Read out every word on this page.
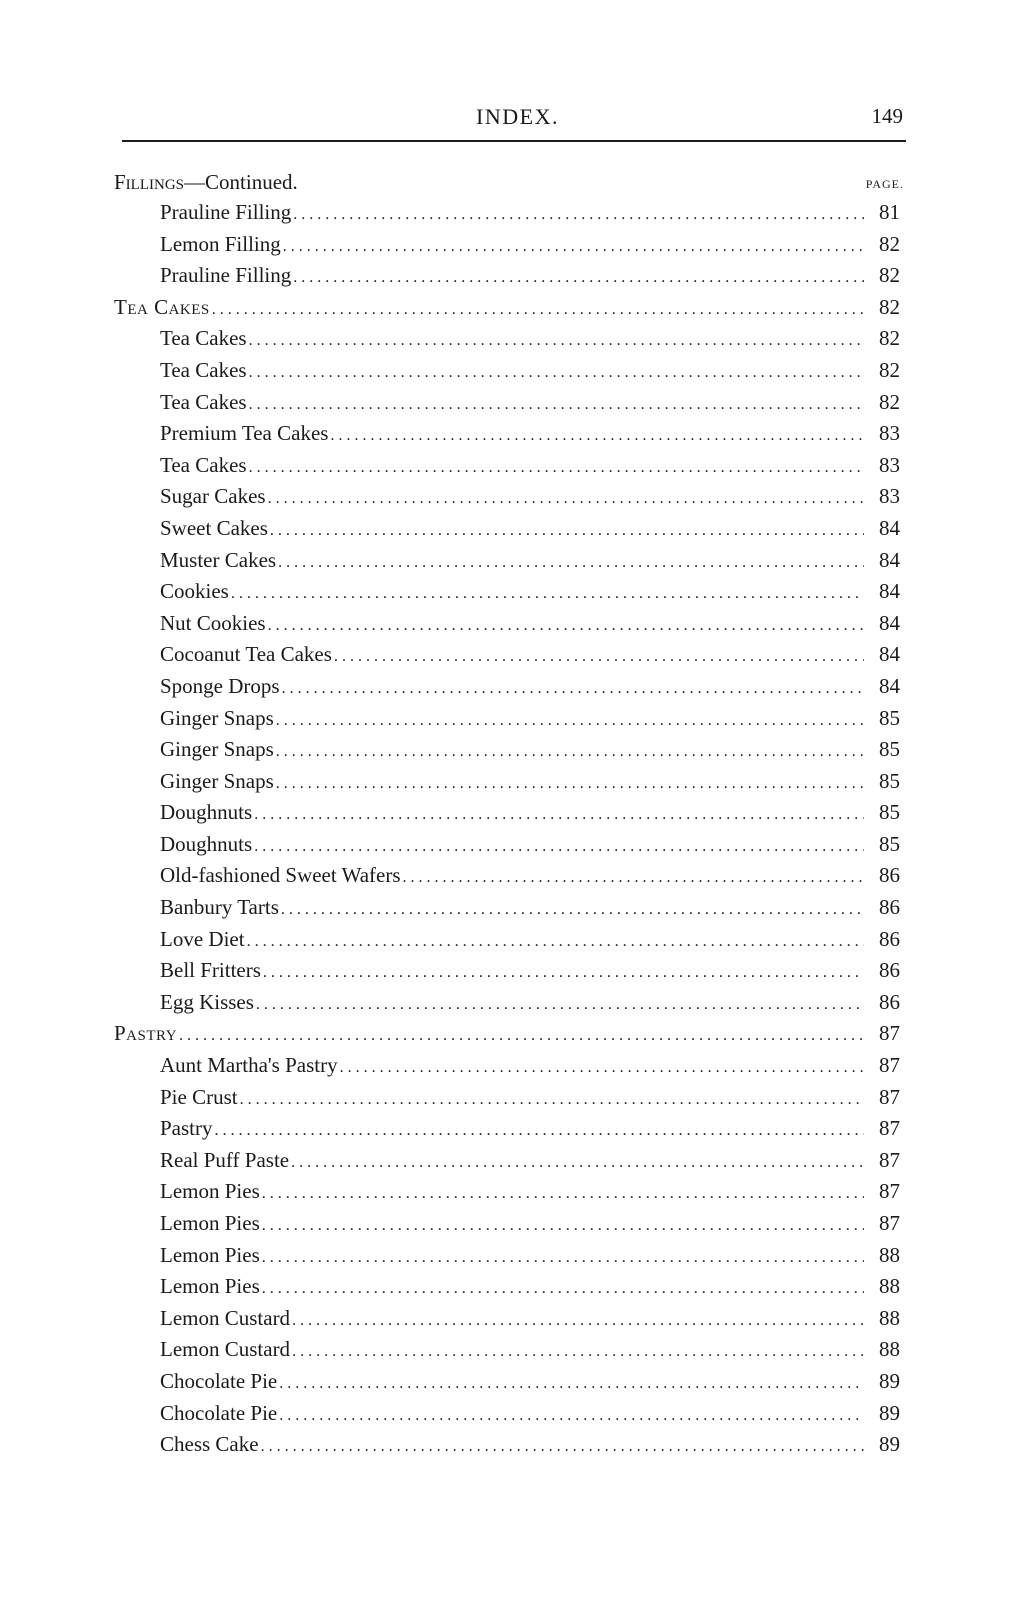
INDEX.	149
Fillings—Continued.	PAGE.
Prauline Filling . . .	81
Lemon Filling . . .	82
Prauline Filling . . .	82
Tea Cakes . . .	82
Tea Cakes . . .	82
Tea Cakes . . .	82
Tea Cakes . . .	82
Premium Tea Cakes . . .	83
Tea Cakes . . .	83
Sugar Cakes . . .	83
Sweet Cakes . . .	84
Muster Cakes . . .	84
Cookies . . .	84
Nut Cookies . . .	84
Cocoanut Tea Cakes . . .	84
Sponge Drops . . .	84
Ginger Snaps . . .	85
Ginger Snaps . . .	85
Ginger Snaps . . .	85
Doughnuts . . .	85
Doughnuts . . .	85
Old-fashioned Sweet Wafers . . .	86
Banbury Tarts . . .	86
Love Diet . . .	86
Bell Fritters . . .	86
Egg Kisses . . .	86
Pastry . . .	87
Aunt Martha's Pastry . . .	87
Pie Crust . . .	87
Pastry . . .	87
Real Puff Paste . . .	87
Lemon Pies . . .	87
Lemon Pies . . .	87
Lemon Pies . . .	88
Lemon Pies . . .	88
Lemon Custard . . .	88
Lemon Custard . . .	88
Chocolate Pie . . .	89
Chocolate Pie . . .	89
Chess Cake . . .	89
